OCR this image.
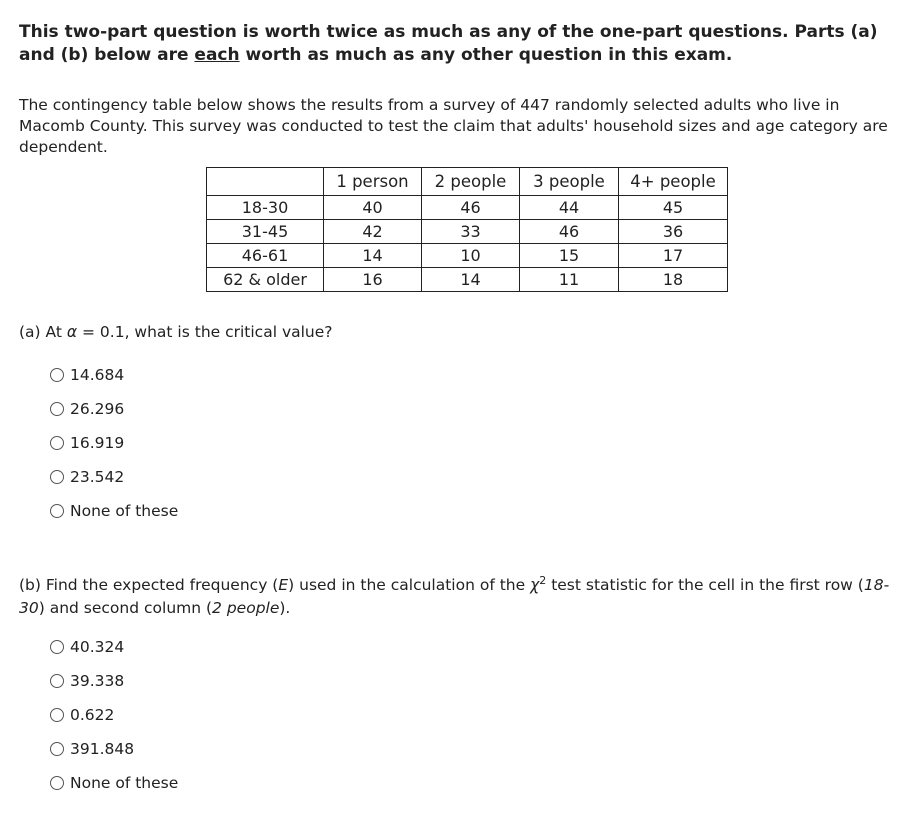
This two-part question is worth twice as much as any of the one-part questions. Parts (a) and (b) below are each worth as much as any other question in this exam.
The contingency table below shows the results from a survey of 447 randomly selected adults who live in Macomb County. This survey was conducted to test the claim that adults' household sizes and age category are dependent.
	1 person	2 people	3 people	4+ people
18-30	40	46	44	45
31-45	42	33	46	36
46-61	14	10	15	17
62 & older	16	14	11	18
(a) At α = 0.1, what is the critical value?
14.684
26.296
16.919
23.542
None of these
(b) Find the expected frequency (E) used in the calculation of the $\chi^2$ test statistic for the cell in the first row (18-30) and second column (2 people).
40.324
39.338
0.622
391.848
None of these
